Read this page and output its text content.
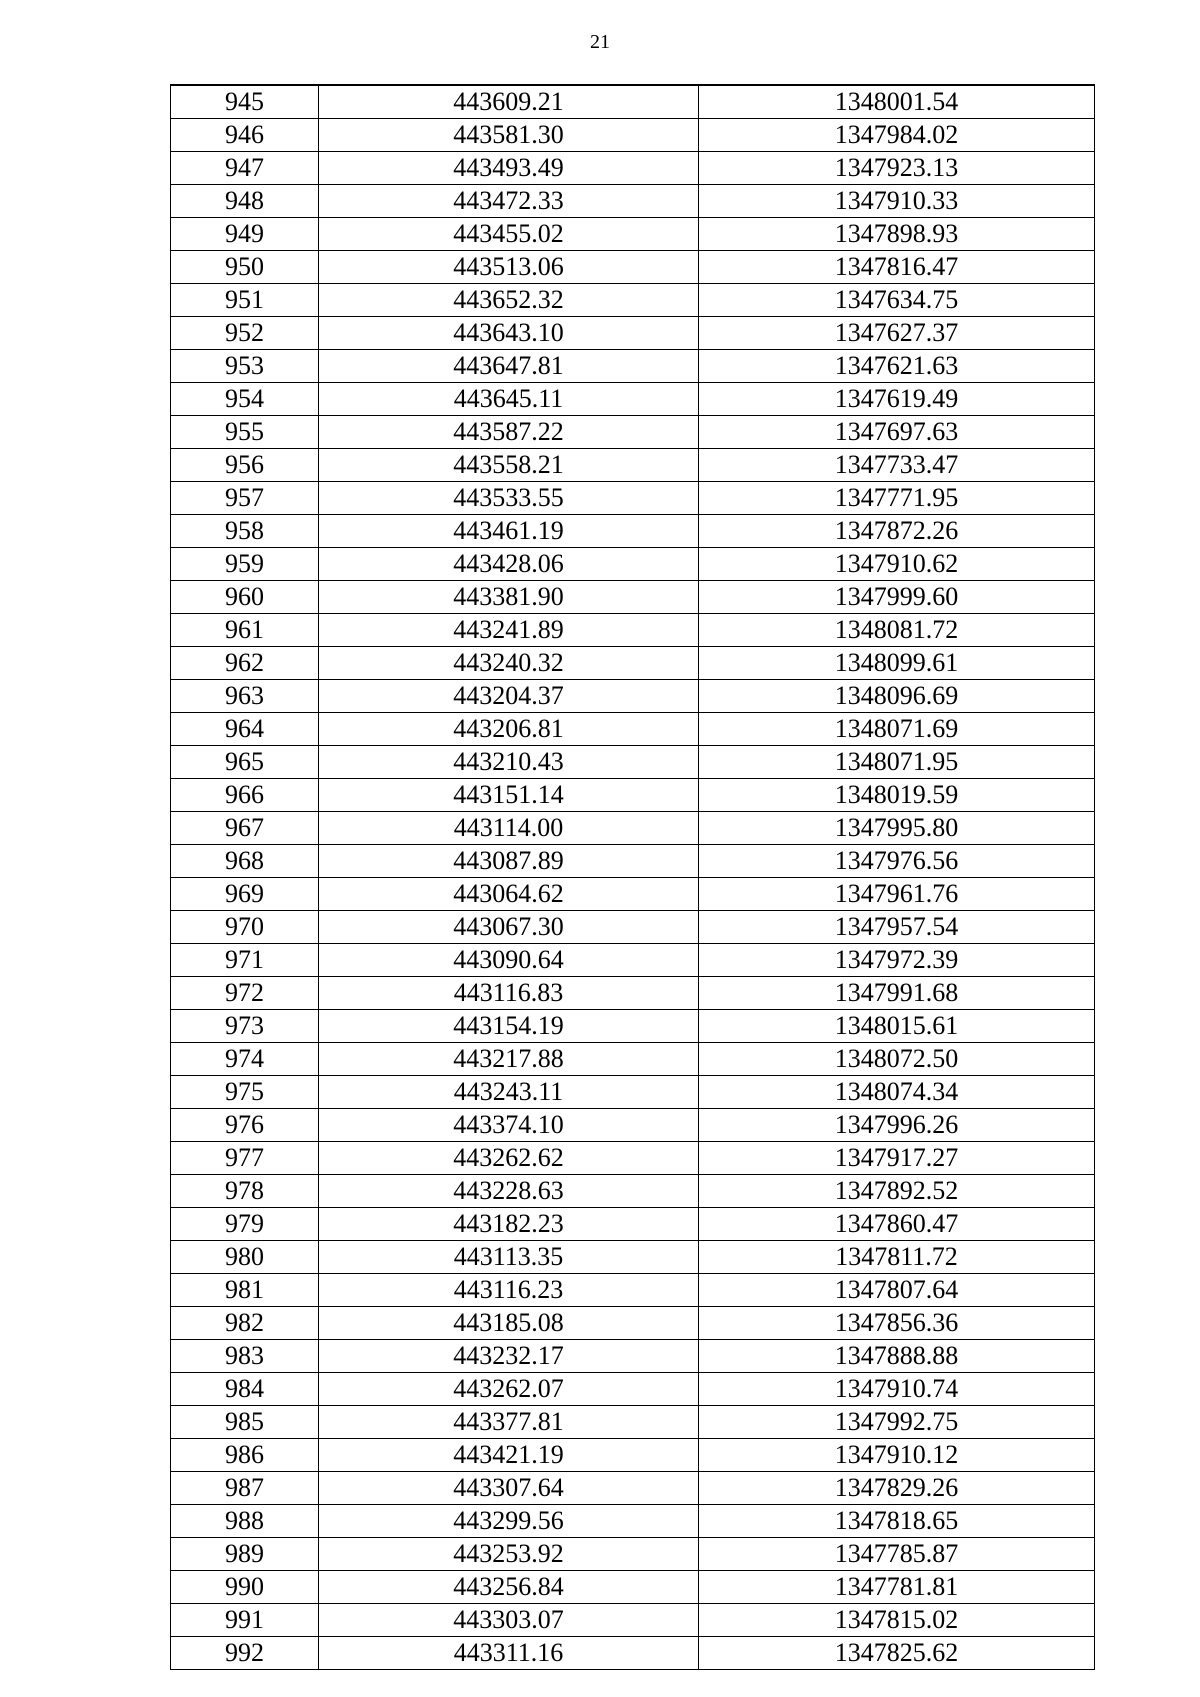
21
945	443609.21	1348001.54
946	443581.30	1347984.02
947	443493.49	1347923.13
948	443472.33	1347910.33
949	443455.02	1347898.93
950	443513.06	1347816.47
951	443652.32	1347634.75
952	443643.10	1347627.37
953	443647.81	1347621.63
954	443645.11	1347619.49
955	443587.22	1347697.63
956	443558.21	1347733.47
957	443533.55	1347771.95
958	443461.19	1347872.26
959	443428.06	1347910.62
960	443381.90	1347999.60
961	443241.89	1348081.72
962	443240.32	1348099.61
963	443204.37	1348096.69
964	443206.81	1348071.69
965	443210.43	1348071.95
966	443151.14	1348019.59
967	443114.00	1347995.80
968	443087.89	1347976.56
969	443064.62	1347961.76
970	443067.30	1347957.54
971	443090.64	1347972.39
972	443116.83	1347991.68
973	443154.19	1348015.61
974	443217.88	1348072.50
975	443243.11	1348074.34
976	443374.10	1347996.26
977	443262.62	1347917.27
978	443228.63	1347892.52
979	443182.23	1347860.47
980	443113.35	1347811.72
981	443116.23	1347807.64
982	443185.08	1347856.36
983	443232.17	1347888.88
984	443262.07	1347910.74
985	443377.81	1347992.75
986	443421.19	1347910.12
987	443307.64	1347829.26
988	443299.56	1347818.65
989	443253.92	1347785.87
990	443256.84	1347781.81
991	443303.07	1347815.02
992	443311.16	1347825.62
